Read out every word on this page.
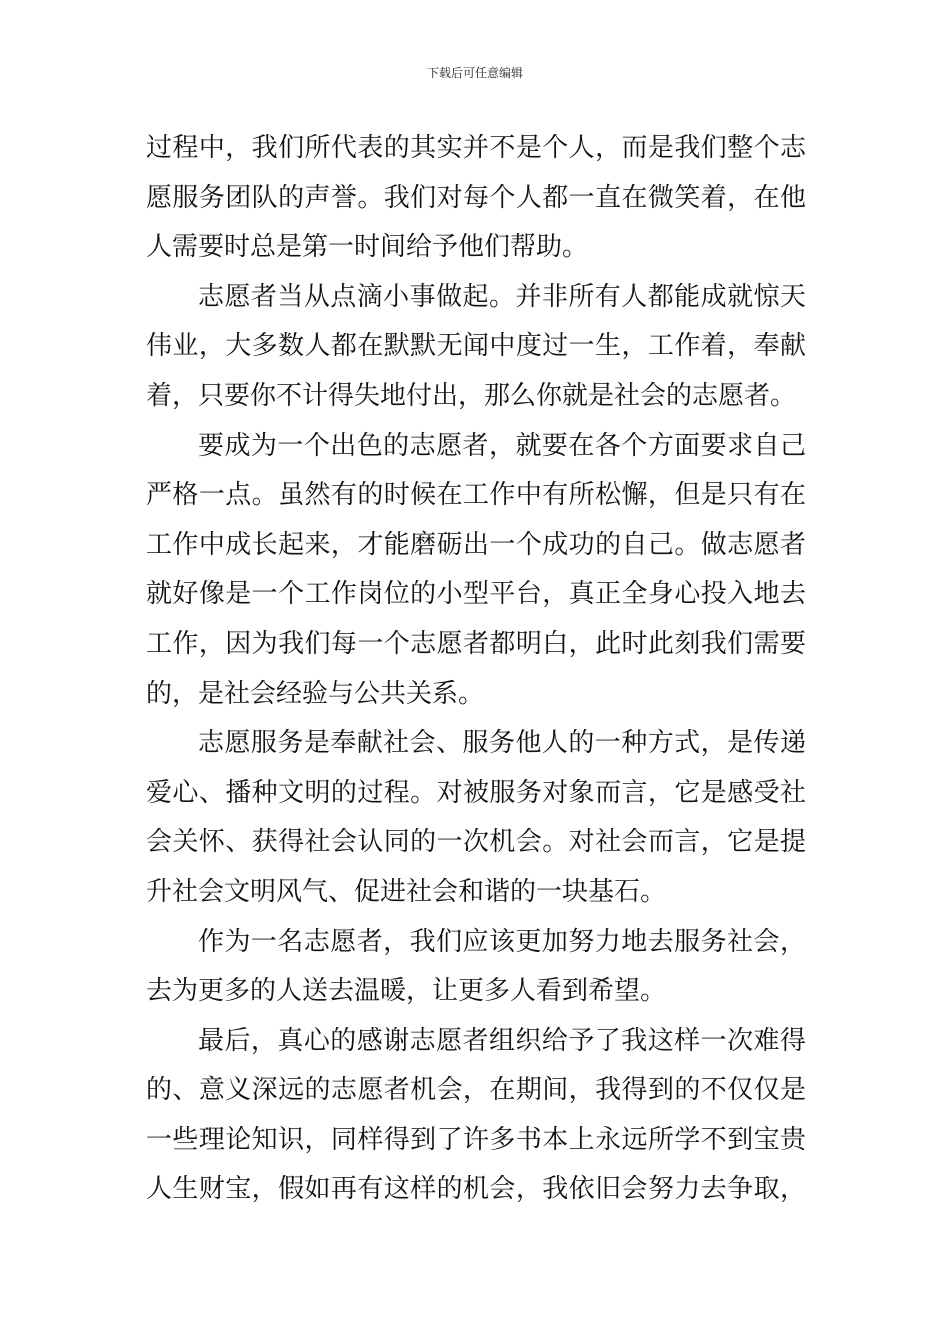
下载后可任意编辑
过程中，我们所代表的其实并不是个人，而是我们整个志
愿服务团队的声誉。我们对每个人都一直在微笑着，在他
人需要时总是第一时间给予他们帮助。
志愿者当从点滴小事做起。并非所有人都能成就惊天
伟业，大多数人都在默默无闻中度过一生，工作着，奉献
着，只要你不计得失地付出，那么你就是社会的志愿者。
要成为一个出色的志愿者，就要在各个方面要求自己
严格一点。虽然有的时候在工作中有所松懈，但是只有在
工作中成长起来，才能磨砺出一个成功的自己。做志愿者
就好像是一个工作岗位的小型平台，真正全身心投入地去
工作，因为我们每一个志愿者都明白，此时此刻我们需要
的，是社会经验与公共关系。
志愿服务是奉献社会、服务他人的一种方式，是传递
爱心、播种文明的过程。对被服务对象而言，它是感受社
会关怀、获得社会认同的一次机会。对社会而言，它是提
升社会文明风气、促进社会和谐的一块基石。
作为一名志愿者，我们应该更加努力地去服务社会，
去为更多的人送去温暖，让更多人看到希望。
最后，真心的感谢志愿者组织给予了我这样一次难得
的、意义深远的志愿者机会，在期间，我得到的不仅仅是
一些理论知识，同样得到了许多书本上永远所学不到宝贵
人生财宝，假如再有这样的机会，我依旧会努力去争取，
